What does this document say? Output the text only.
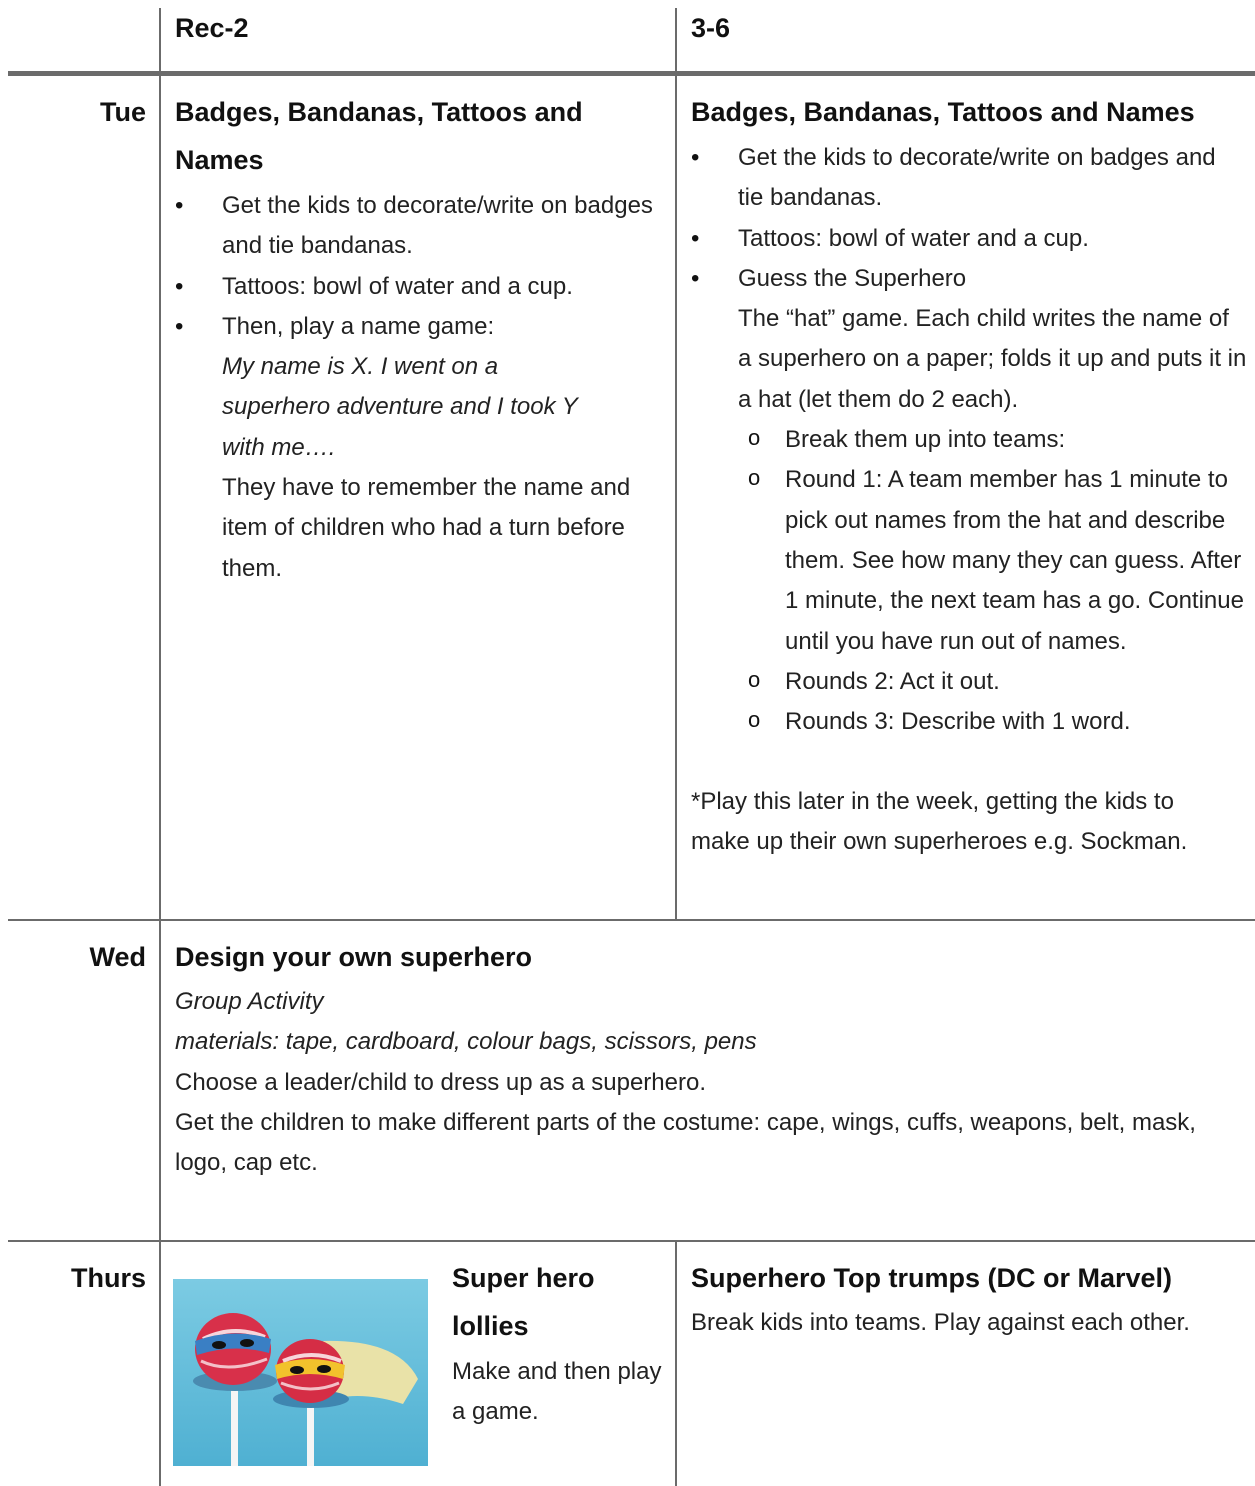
Rec-2	3-6
Tue Badges, Bandanas, Tattoos and Names
• Get the kids to decorate/write on badges and tie bandanas.
• Tattoos: bowl of water and a cup.
• Then, play a name game:
My name is X. I went on a superhero adventure and I took Y with me….
They have to remember the name and item of children who had a turn before them.
Badges, Bandanas, Tattoos and Names
• Get the kids to decorate/write on badges and tie bandanas.
• Tattoos: bowl of water and a cup.
• Guess the Superhero
The “hat” game. Each child writes the name of a superhero on a paper; folds it up and puts it in a hat (let them do 2 each).
o Break them up into teams:
o Round 1: A team member has 1 minute to pick out names from the hat and describe them. See how many they can guess. After 1 minute, the next team has a go. Continue until you have run out of names.
o Rounds 2: Act it out.
o Rounds 3: Describe with 1 word.
*Play this later in the week, getting the kids to make up their own superheroes e.g. Sockman.
Wed Design your own superhero

Group Activity

materials: tape, cardboard, colour bags, scissors, pens

Choose a leader/child to dress up as a superhero.

Get the children to make different parts of the costume: cape, wings, cuffs, weapons, belt, mask, logo, cap etc.

Thurs	Super hero lollies
Make and then play a game.
Superhero Top trumps (DC or Marvel)
Break kids into teams. Play against each other.
